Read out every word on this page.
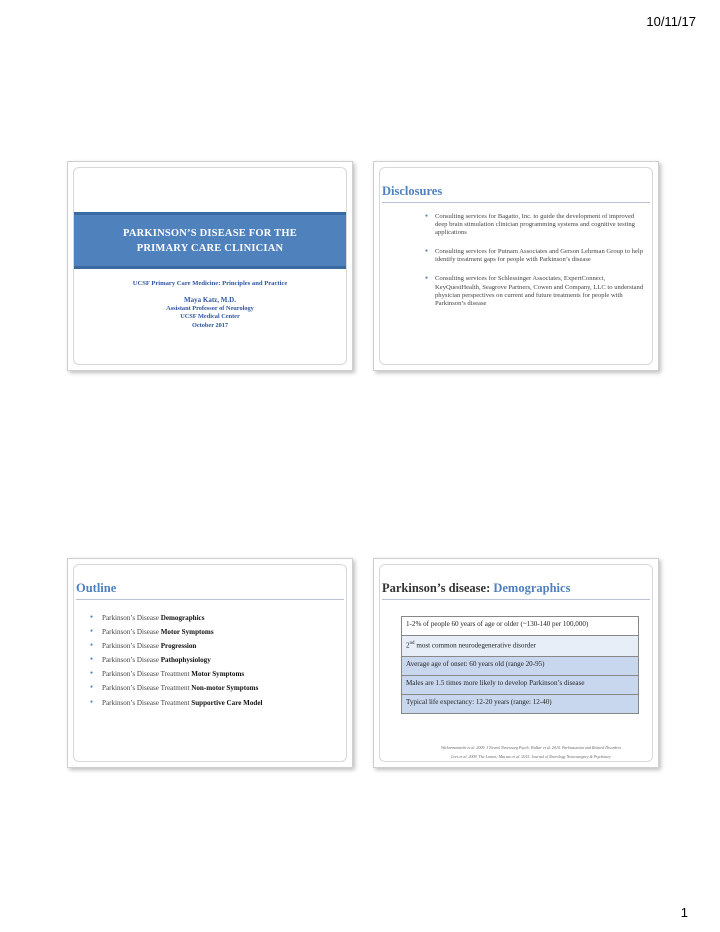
10/11/17
PARKINSON’S DISEASE FOR THE
PRIMARY CARE CLINICIAN
UCSF Primary Care Medicine: Principles and Practice
Maya Katz, M.D.
Assistant Professor of Neurology
UCSF Medical Center
October 2017
Disclosures
● Consulting services for Bagatto, Inc. to guide the development of improved deep brain stimulation clinician programming systems and cognitive testing applications
● Consulting services for Putnam Associates and Gerson Lehrman Group to help identify treatment gaps for people with Parkinson’s disease
● Consulting services for Schlessinger Associates, ExpertConnect, KeyQuestHealth, Seagrove Partners, Cowen and Company, LLC to understand physician perspectives on current and future treatments for people with Parkinson’s disease
Outline
● Parkinson’s Disease Demographics
● Parkinson’s Disease Motor Symptoms
● Parkinson’s Disease Progression
● Parkinson’s Disease Pathophysiology
● Parkinson’s Disease Treatment Motor Symptoms
● Parkinson’s Disease Treatment Non-motor Symptoms
● Parkinson’s Disease Treatment Supportive Care Model
Parkinson’s disease: Demographics
1-2% of people 60 years of age or older (~130-140 per 100,000)
2nd most common neurodegenerative disorder
Average age of onset: 60 years old (range 20-95)
Males are 1.5 times more likely to develop Parkinson’s disease
Typical life expectancy: 12-20 years (range: 12-40)
Wickremaratchi et al. 2009. J Neurol Neurosurg Psych; Walker et al. 2010. Parkinsonism and Related Disorders
Lees et al. 2009. The Lancet; Macuso et al. 2015. Journal of Neurology Neurosurgery & Psychiatry
1
